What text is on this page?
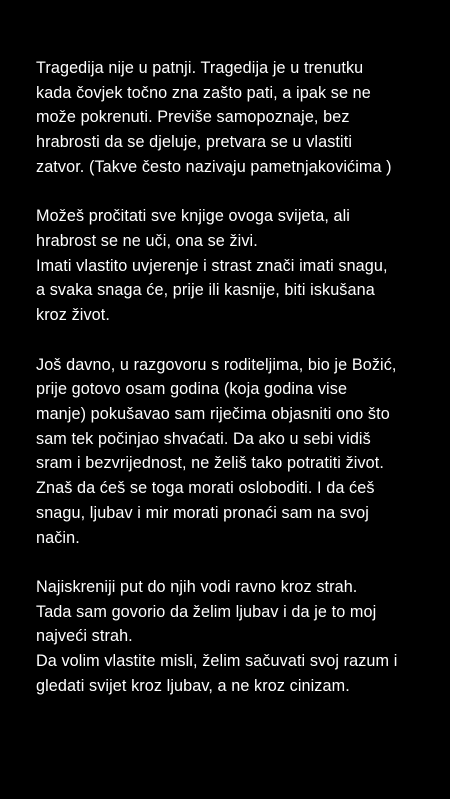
Tragedija nije u patnji. Tragedija je u trenutku
kada čovjek točno zna zašto pati, a ipak se ne
može pokrenuti. Previše samopoznaje, bez
hrabrosti da se djeluje, pretvara se u vlastiti
zatvor. (Takve često nazivaju pametnjakovićima )
Možeš pročitati sve knjige ovoga svijeta, ali
hrabrost se ne uči, ona se živi.
Imati vlastito uvjerenje i strast znači imati snagu,
a svaka snaga će, prije ili kasnije, biti iskušana
kroz život.
Još davno, u razgovoru s roditeljima, bio je Božić,
prije gotovo osam godina (koja godina vise
manje) pokušavao sam riječima objasniti ono što
sam tek počinjao shvaćati. Da ako u sebi vidiš
sram i bezvrijednost, ne želiš tako potratiti život.
Znaš da ćeš se toga morati osloboditi. I da ćeš
snagu, ljubav i mir morati pronaći sam na svoj
način.
Najiskreniji put do njih vodi ravno kroz strah.
Tada sam govorio da želim ljubav i da je to moj
najveći strah.
Da volim vlastite misli, želim sačuvati svoj razum i
gledati svijet kroz ljubav, a ne kroz cinizam.
